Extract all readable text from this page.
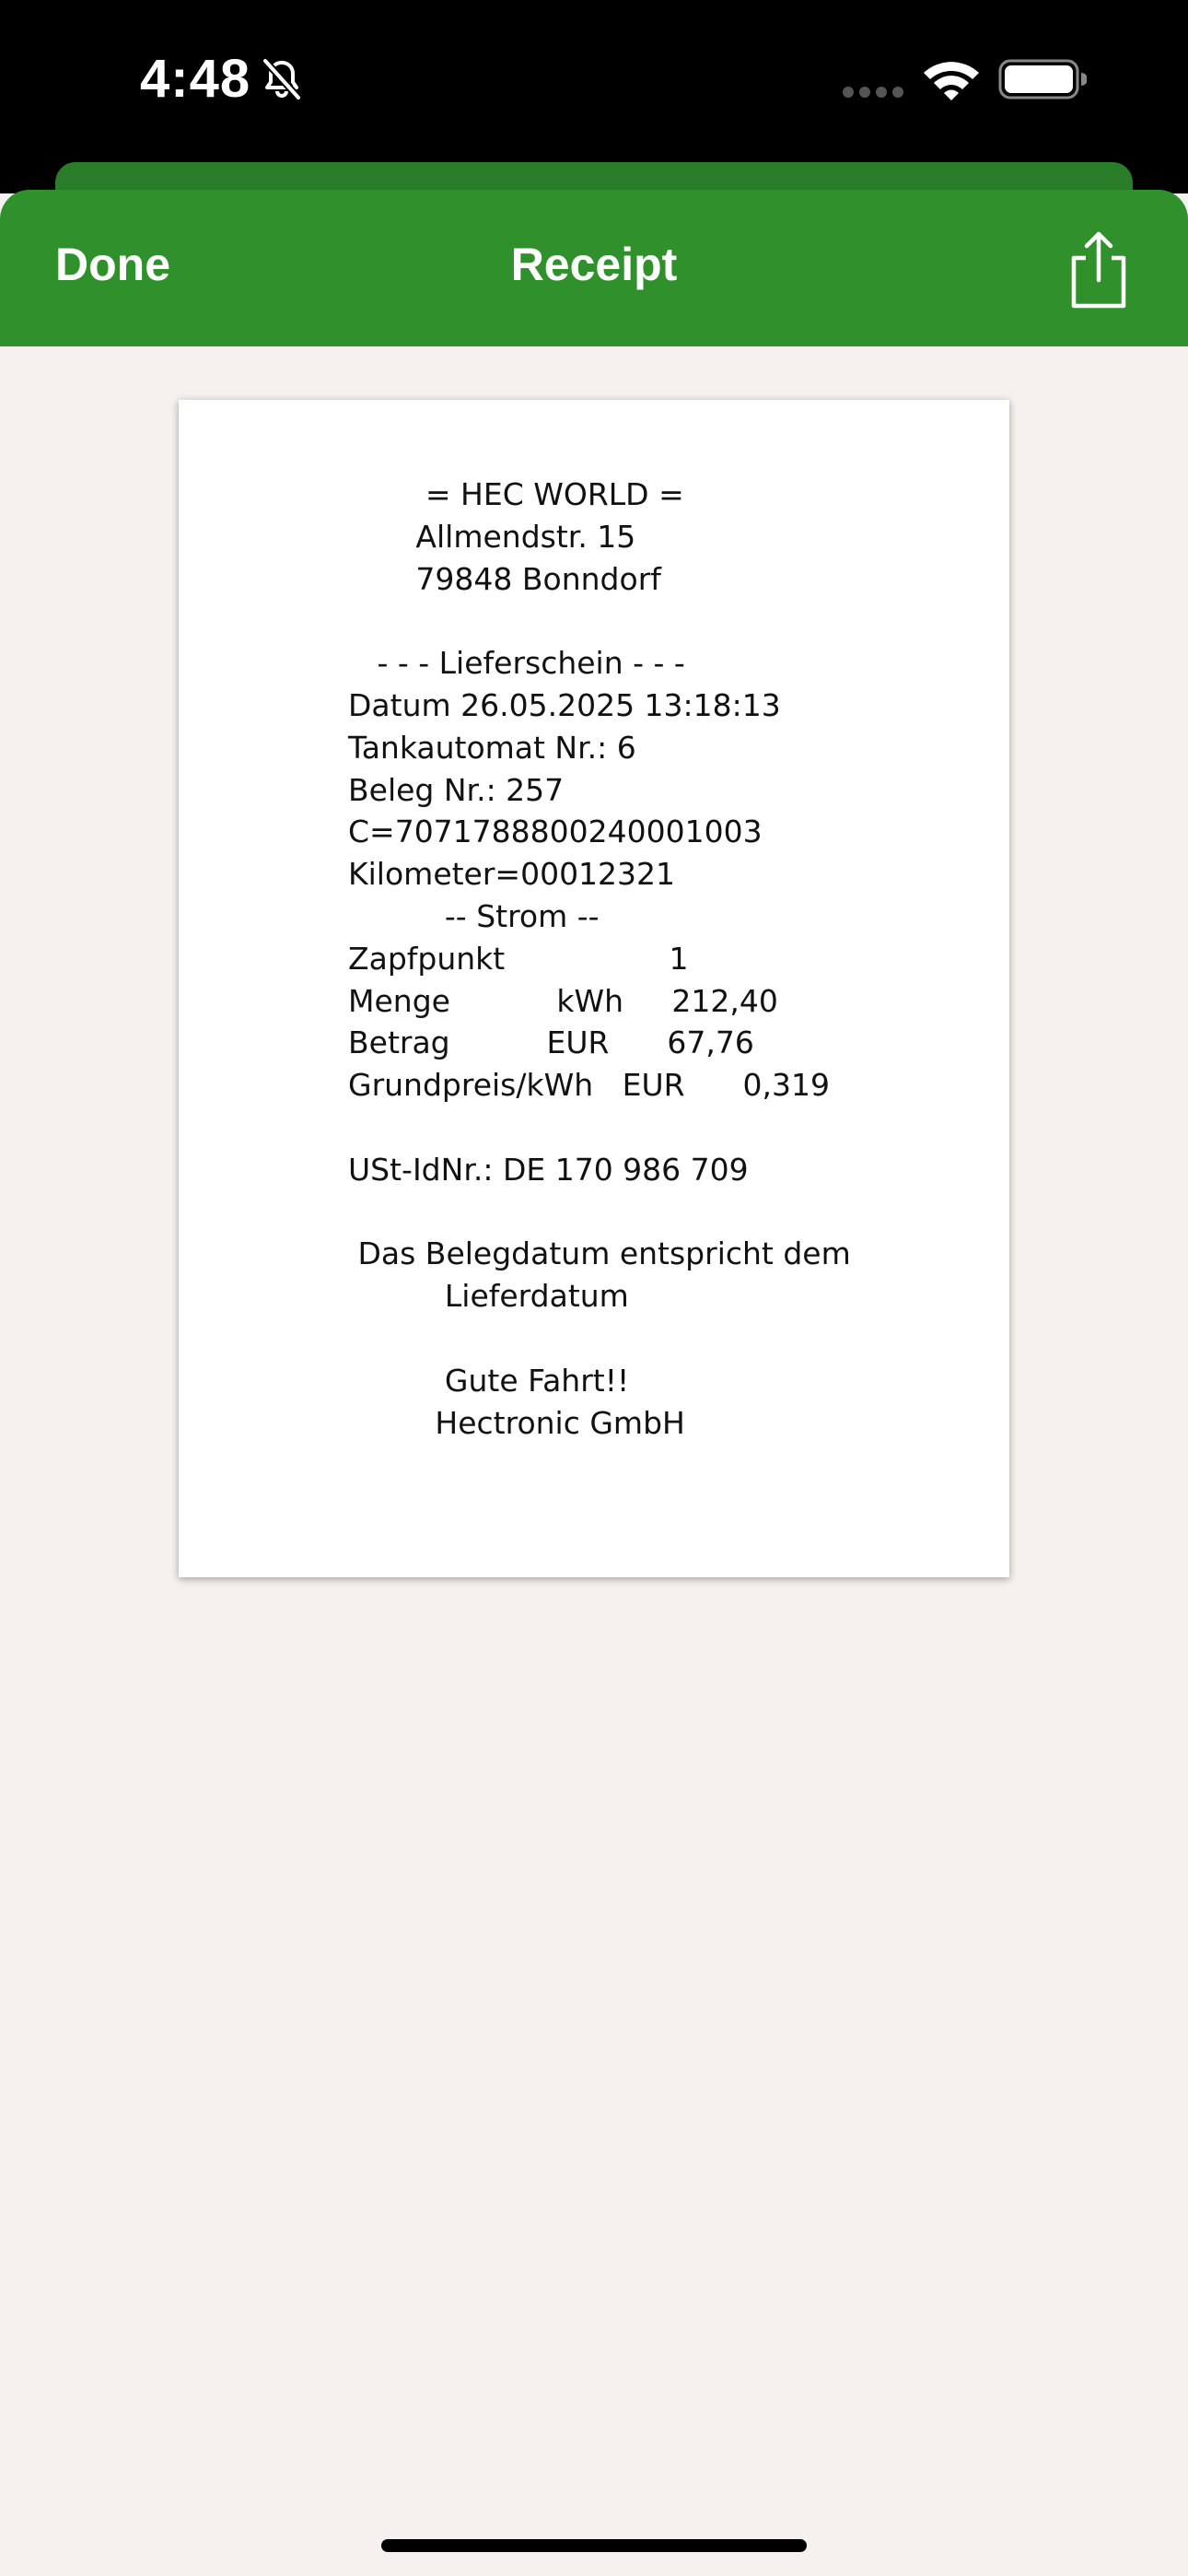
4:48
Done	Receipt
= HEC WORLD =
Allmendstr. 15
79848 Bonndorf
- - - Lieferschein - - -
Datum 26.05.2025 13:18:13
Tankautomat Nr.: 6
Beleg Nr.: 257
C=7071788800240001003
Kilometer=00012321
-- Strom --
Zapfpunkt                 1
Menge           kWh     212,40
Betrag          EUR      67,76
Grundpreis/kWh   EUR      0,319
USt-IdNr.: DE 170 986 709
Das Belegdatum entspricht dem
Lieferdatum
Gute Fahrt!!
Hectronic GmbH
